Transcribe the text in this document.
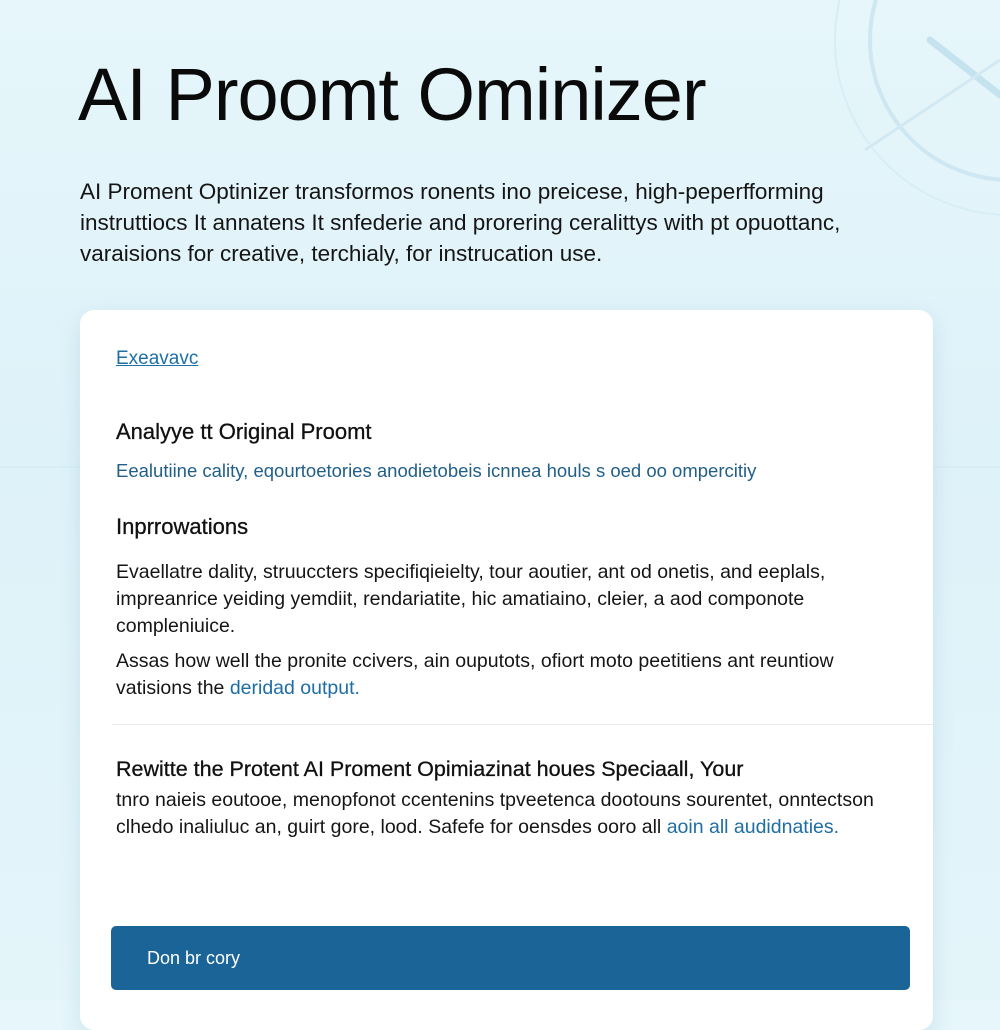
AI Proomt Ominizer

AI Proment Optinizer transformos ronents ino preicese, high-peperfforming instruttiocs It annatens It snfederie and prorering ceralittys with pt opuottanc, varaisions for creative, terchialy, for instrucation use.

Exeavavc
Analyye tt Original Proomt
Eealutiine cality, eqourtoetories anodietobeis icnnea houls s oed oo ompercitiy
Inprrowations

Evaellatre dality, struuccters specifiqieielty, tour aoutier, ant od onetis, and eeplals, impreanrice yeiding yemdiit, rendariatite, hic amatiaino, cleier, a aod componote compleniuice.

Assas how well the pronite ccivers, ain ouputots, ofiort moto peetitiens ant reuntiow vatisions the deridad output.

Rewitte the Protent AI Proment Opimiazinat houes Speciaall, Your

tnro naieis eoutooe, menopfonot ccentenins tpveetenca dootouns sourentet, onntectson clhedo inaliuluc an, guirt gore, lood. Safefe for oensdes ooro all aoin all audidnaties.

Don br cory
